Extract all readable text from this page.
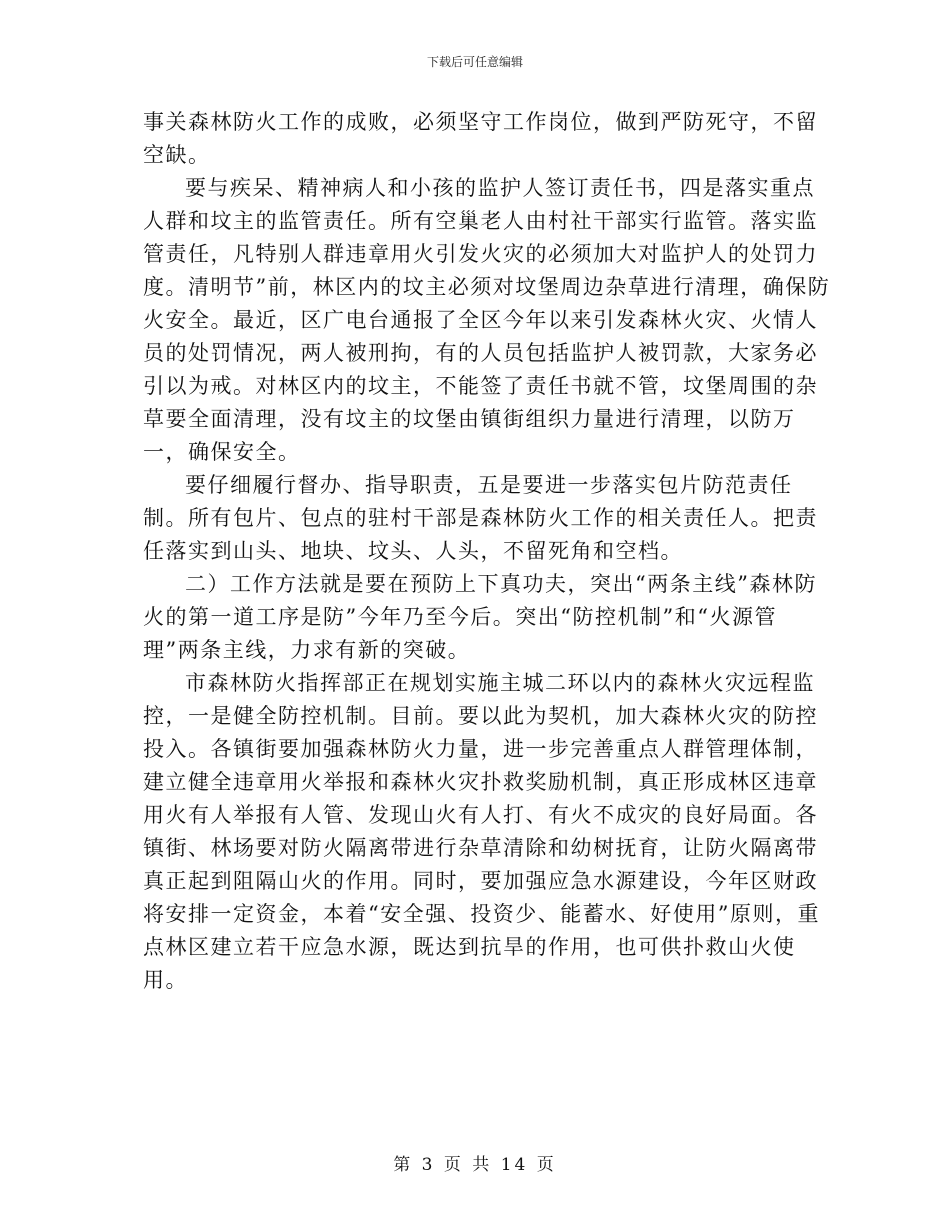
下载后可任意编辑

事关森林防火工作的成败，必须坚守工作岗位，做到严防死守，不留空缺。

要与疾呆、精神病人和小孩的监护人签订责任书，四是落实重点人群和坟主的监管责任。所有空巢老人由村社干部实行监管。落实监管责任，凡特别人群违章用火引发火灾的必须加大对监护人的处罚力度。清明节”前，林区内的坟主必须对坟堡周边杂草进行清理，确保防火安全。最近，区广电台通报了全区今年以来引发森林火灾、火情人员的处罚情况，两人被刑拘，有的人员包括监护人被罚款，大家务必引以为戒。对林区内的坟主，不能签了责任书就不管，坟堡周围的杂草要全面清理，没有坟主的坟堡由镇街组织力量进行清理，以防万一，确保安全。

要仔细履行督办、指导职责，五是要进一步落实包片防范责任制。所有包片、包点的驻村干部是森林防火工作的相关责任人。把责任落实到山头、地块、坟头、人头，不留死角和空档。

二）工作方法就是要在预防上下真功夫，突出“两条主线”森林防火的第一道工序是防”今年乃至今后。突出“防控机制”和“火源管理”两条主线，力求有新的突破。

市森林防火指挥部正在规划实施主城二环以内的森林火灾远程监控，一是健全防控机制。目前。要以此为契机，加大森林火灾的防控投入。各镇街要加强森林防火力量，进一步完善重点人群管理体制，建立健全违章用火举报和森林火灾扑救奖励机制，真正形成林区违章用火有人举报有人管、发现山火有人打、有火不成灾的良好局面。各镇街、林场要对防火隔离带进行杂草清除和幼树抚育，让防火隔离带真正起到阻隔山火的作用。同时，要加强应急水源建设，今年区财政将安排一定资金，本着“安全强、投资少、能蓄水、好使用”原则，重点林区建立若干应急水源，既达到抗旱的作用，也可供扑救山火使用。

第 3 页 共 14 页
